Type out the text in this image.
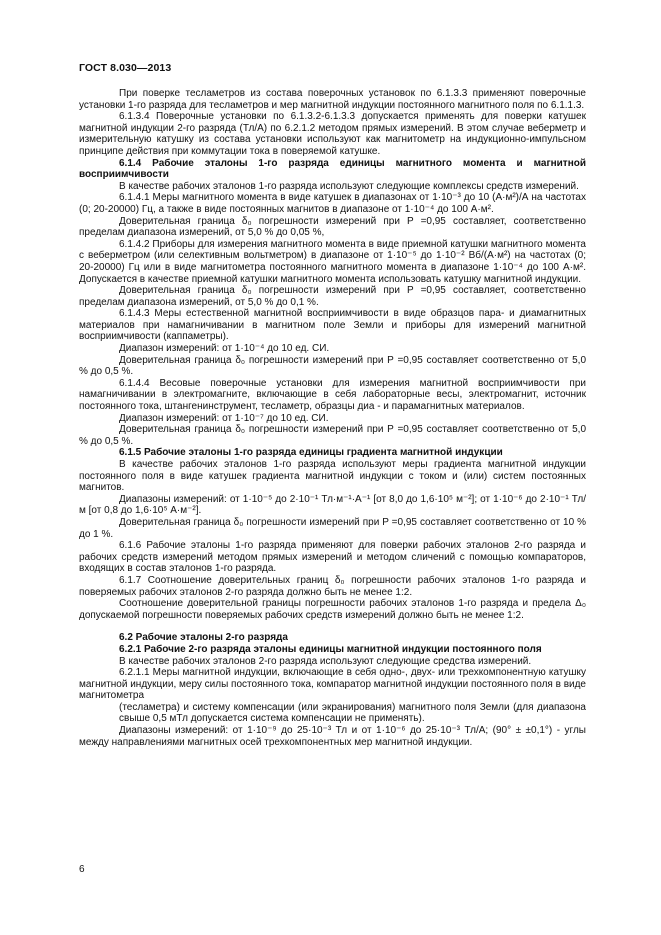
ГОСТ 8.030—2013

При поверке тесламетров из состава поверочных установок по 6.1.3.3 применяют поверочные установки 1-го разряда для тесламетров и мер магнитной индукции постоянного магнитного поля по 6.1.1.3.

6.1.3.4 Поверочные установки по 6.1.3.2-6.1.3.3 допускается применять для поверки катушек магнитной индукции 2-го разряда (Тл/А) по 6.2.1.2 методом прямых измерений. В этом случае веберметр и измерительную катушку из состава установки используют как магнитометр на индукционно-импульсном принципе действия при коммутации тока в поверяемой катушке.

6.1.4 Рабочие эталоны 1-го разряда единицы магнитного момента и магнитной восприимчивости

В качестве рабочих эталонов 1-го разряда используют следующие комплексы средств измерений.

6.1.4.1 Меры магнитного момента в виде катушек в диапазонах от 1·10⁻³ до 10 (А·м²)/А на частотах (0; 20-20000) Гц, а также в виде постоянных магнитов в диапазоне от 1·10⁻⁴ до 100 А·м².

Доверительная граница δ₀ погрешности измерений при P =0,95 составляет, соответственно пределам диапазона измерений, от 5,0 % до 0,05 %,

6.1.4.2 Приборы для измерения магнитного момента в виде приемной катушки магнитного момента с веберметром (или селективным вольтметром) в диапазоне от 1·10⁻⁵ до 1·10⁻² Вб/(А·м²) на частотах (0; 20-20000) Гц или в виде магнитометра постоянного магнитного момента в диапазоне 1·10⁻⁴ до 100 А·м². Допускается в качестве приемной катушки магнитного момента использовать катушку магнитной индукции.

Доверительная граница δ₀ погрешности измерений при P =0,95 составляет, соответственно пределам диапазона измерений, от 5,0 % до 0,1 %.

6.1.4.3 Меры естественной магнитной восприимчивости в виде образцов пара- и диамагнитных материалов при намагничивании в магнитном поле Земли и приборы для измерений магнитной восприимчивости (каппаметры).

Диапазон измерений: от 1·10⁻⁴ до 10 ед. СИ.

Доверительная граница δ₀ погрешности измерений при P =0,95 составляет соответственно от 5,0 % до 0,5 %.

6.1.4.4 Весовые поверочные установки для измерения магнитной восприимчивости при намагничивании в электромагните, включающие в себя лабораторные весы, электромагнит, источник постоянного тока, штангенинструмент, тесламетр, образцы диа - и парамагнитных материалов.

Диапазон измерений: от 1·10⁻⁷ до 10 ед. СИ.

Доверительная граница δ₀ погрешности измерений при P =0,95 составляет соответственно от 5,0 % до 0,5 %.

6.1.5 Рабочие эталоны 1-го разряда единицы градиента магнитной индукции

В качестве рабочих эталонов 1-го разряда используют меры градиента магнитной индукции постоянного поля в виде катушек градиента магнитной индукции с током и (или) систем постоянных магнитов.

Диапазоны измерений: от 1·10⁻⁵ до 2·10⁻¹ Тл·м⁻¹·А⁻¹ [от 8,0 до 1,6·10⁵ м⁻²]; от 1·10⁻⁶ до 2·10⁻¹ Тл/м [от 0,8 до 1,6·10⁵ А·м⁻²].

Доверительная граница δ₀ погрешности измерений при P =0,95 составляет соответственно от 10 % до 1 %.

6.1.6 Рабочие эталоны 1-го разряда применяют для поверки рабочих эталонов 2-го разряда и рабочих средств измерений методом прямых измерений и методом сличений с помощью компараторов, входящих в состав эталонов 1-го разряда.

6.1.7 Соотношение доверительных границ δ₀ погрешности рабочих эталонов 1-го разряда и поверяемых рабочих эталонов 2-го разряда должно быть не менее 1:2.

Соотношение доверительной границы погрешности рабочих эталонов 1-го разряда и предела Δ₀ допускаемой погрешности поверяемых рабочих средств измерений должно быть не менее 1:2.

6.2 Рабочие эталоны 2-го разряда

6.2.1 Рабочие 2-го разряда эталоны единицы магнитной индукции постоянного поля

В качестве рабочих эталонов 2-го разряда используют следующие средства измерений.

6.2.1.1 Меры магнитной индукции, включающие в себя одно-, двух- или трехкомпонентную катушку магнитной индукции, меру силы постоянного тока, компаратор магнитной индукции постоянного поля в виде магнитометра

(тесламетра) и систему компенсации (или экранирования) магнитного поля Земли (для диапазона свыше 0,5 мТл допускается система компенсации не применять).

Диапазоны измерений: от 1·10⁻⁹ до 25·10⁻³ Тл и от 1·10⁻⁶ до 25·10⁻³ Тл/А; (90° ± ±0,1°) - углы между направлениями магнитных осей трехкомпонентных мер магнитной индукции.

6
